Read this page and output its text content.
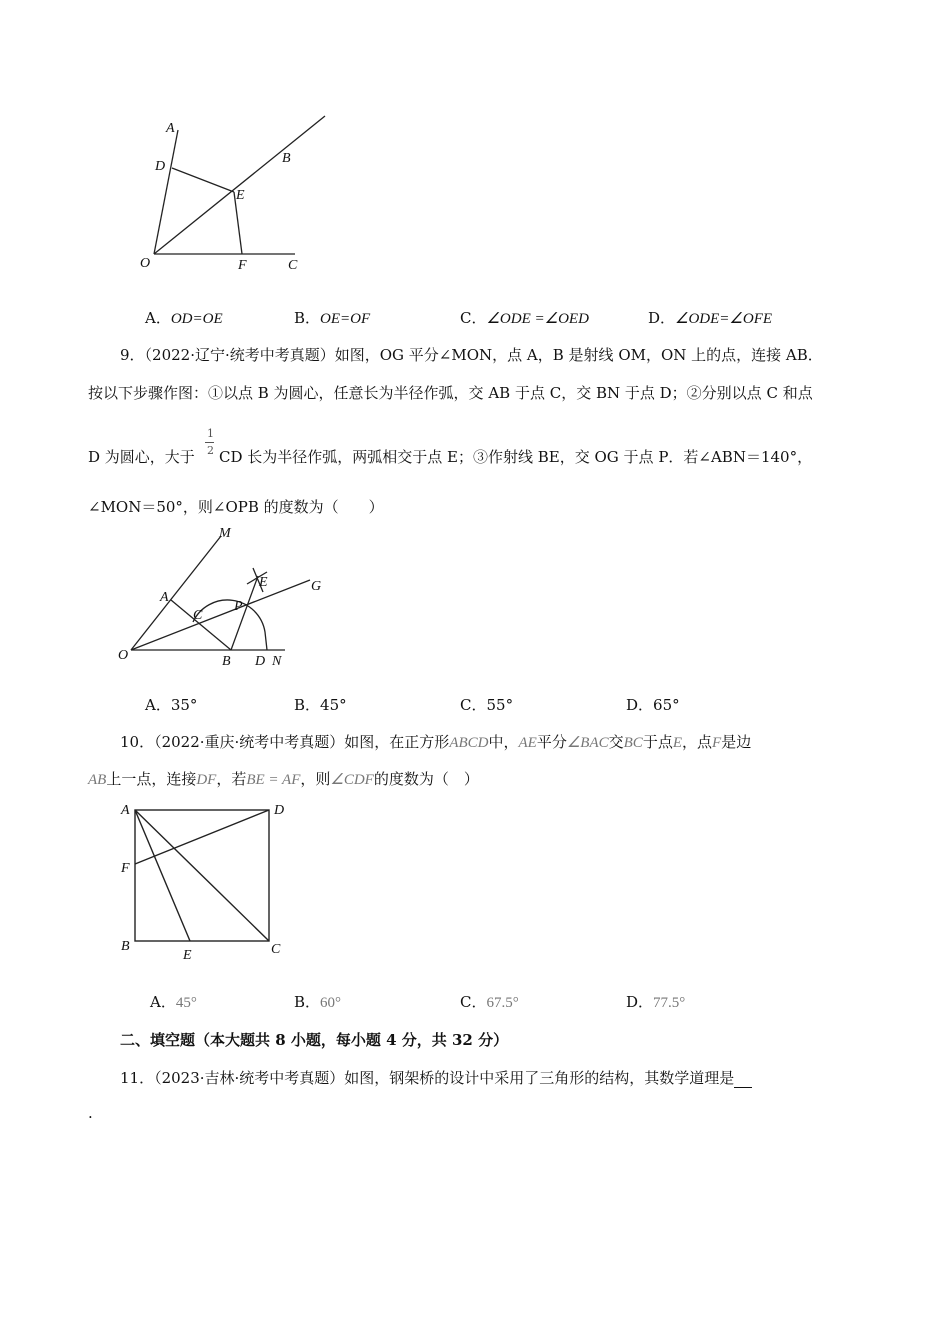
A
D
B
E
O	F	C
A．OD=OE	B．OE=OF	C．∠ODE =∠OED	D．∠ODE=∠OFE
9．（2022·辽宁·统考中考真题）如图，OG 平分∠MON，点 A，B 是射线 OM，ON 上的点，连接 AB．
按以下步骤作图：①以点 B 为圆心，任意长为半径作弧，交 AB 于点 C，交 BN 于点 D；②分别以点 C 和点
1
2
D 为圆心，大于 CD 长为半径作弧，两弧相交于点 E；③作射线 BE，交 OG 于点 P．若∠ABN＝140°，
∠MON＝50°，则∠OPB 的度数为（　　）
M
A
C
P
E	G
O	B D N
A．35°	B．45°	C．55°	D．65°
10．（2022·重庆·统考中考真题）如图，在正方形ABCD中，AE平分∠BAC交BC于点E，点F是边
AB上一点，连接DF，若BE = AF，则∠CDF的度数为（　）
A	D
F
B
E	C
A．45°	B．60°	C．67.5°	D．77.5°
二、填空题（本大题共 8 小题，每小题 4 分，共 32 分）
11．（2023·吉林·统考中考真题）如图，钢架桥的设计中采用了三角形的结构，其数学道理是
.
